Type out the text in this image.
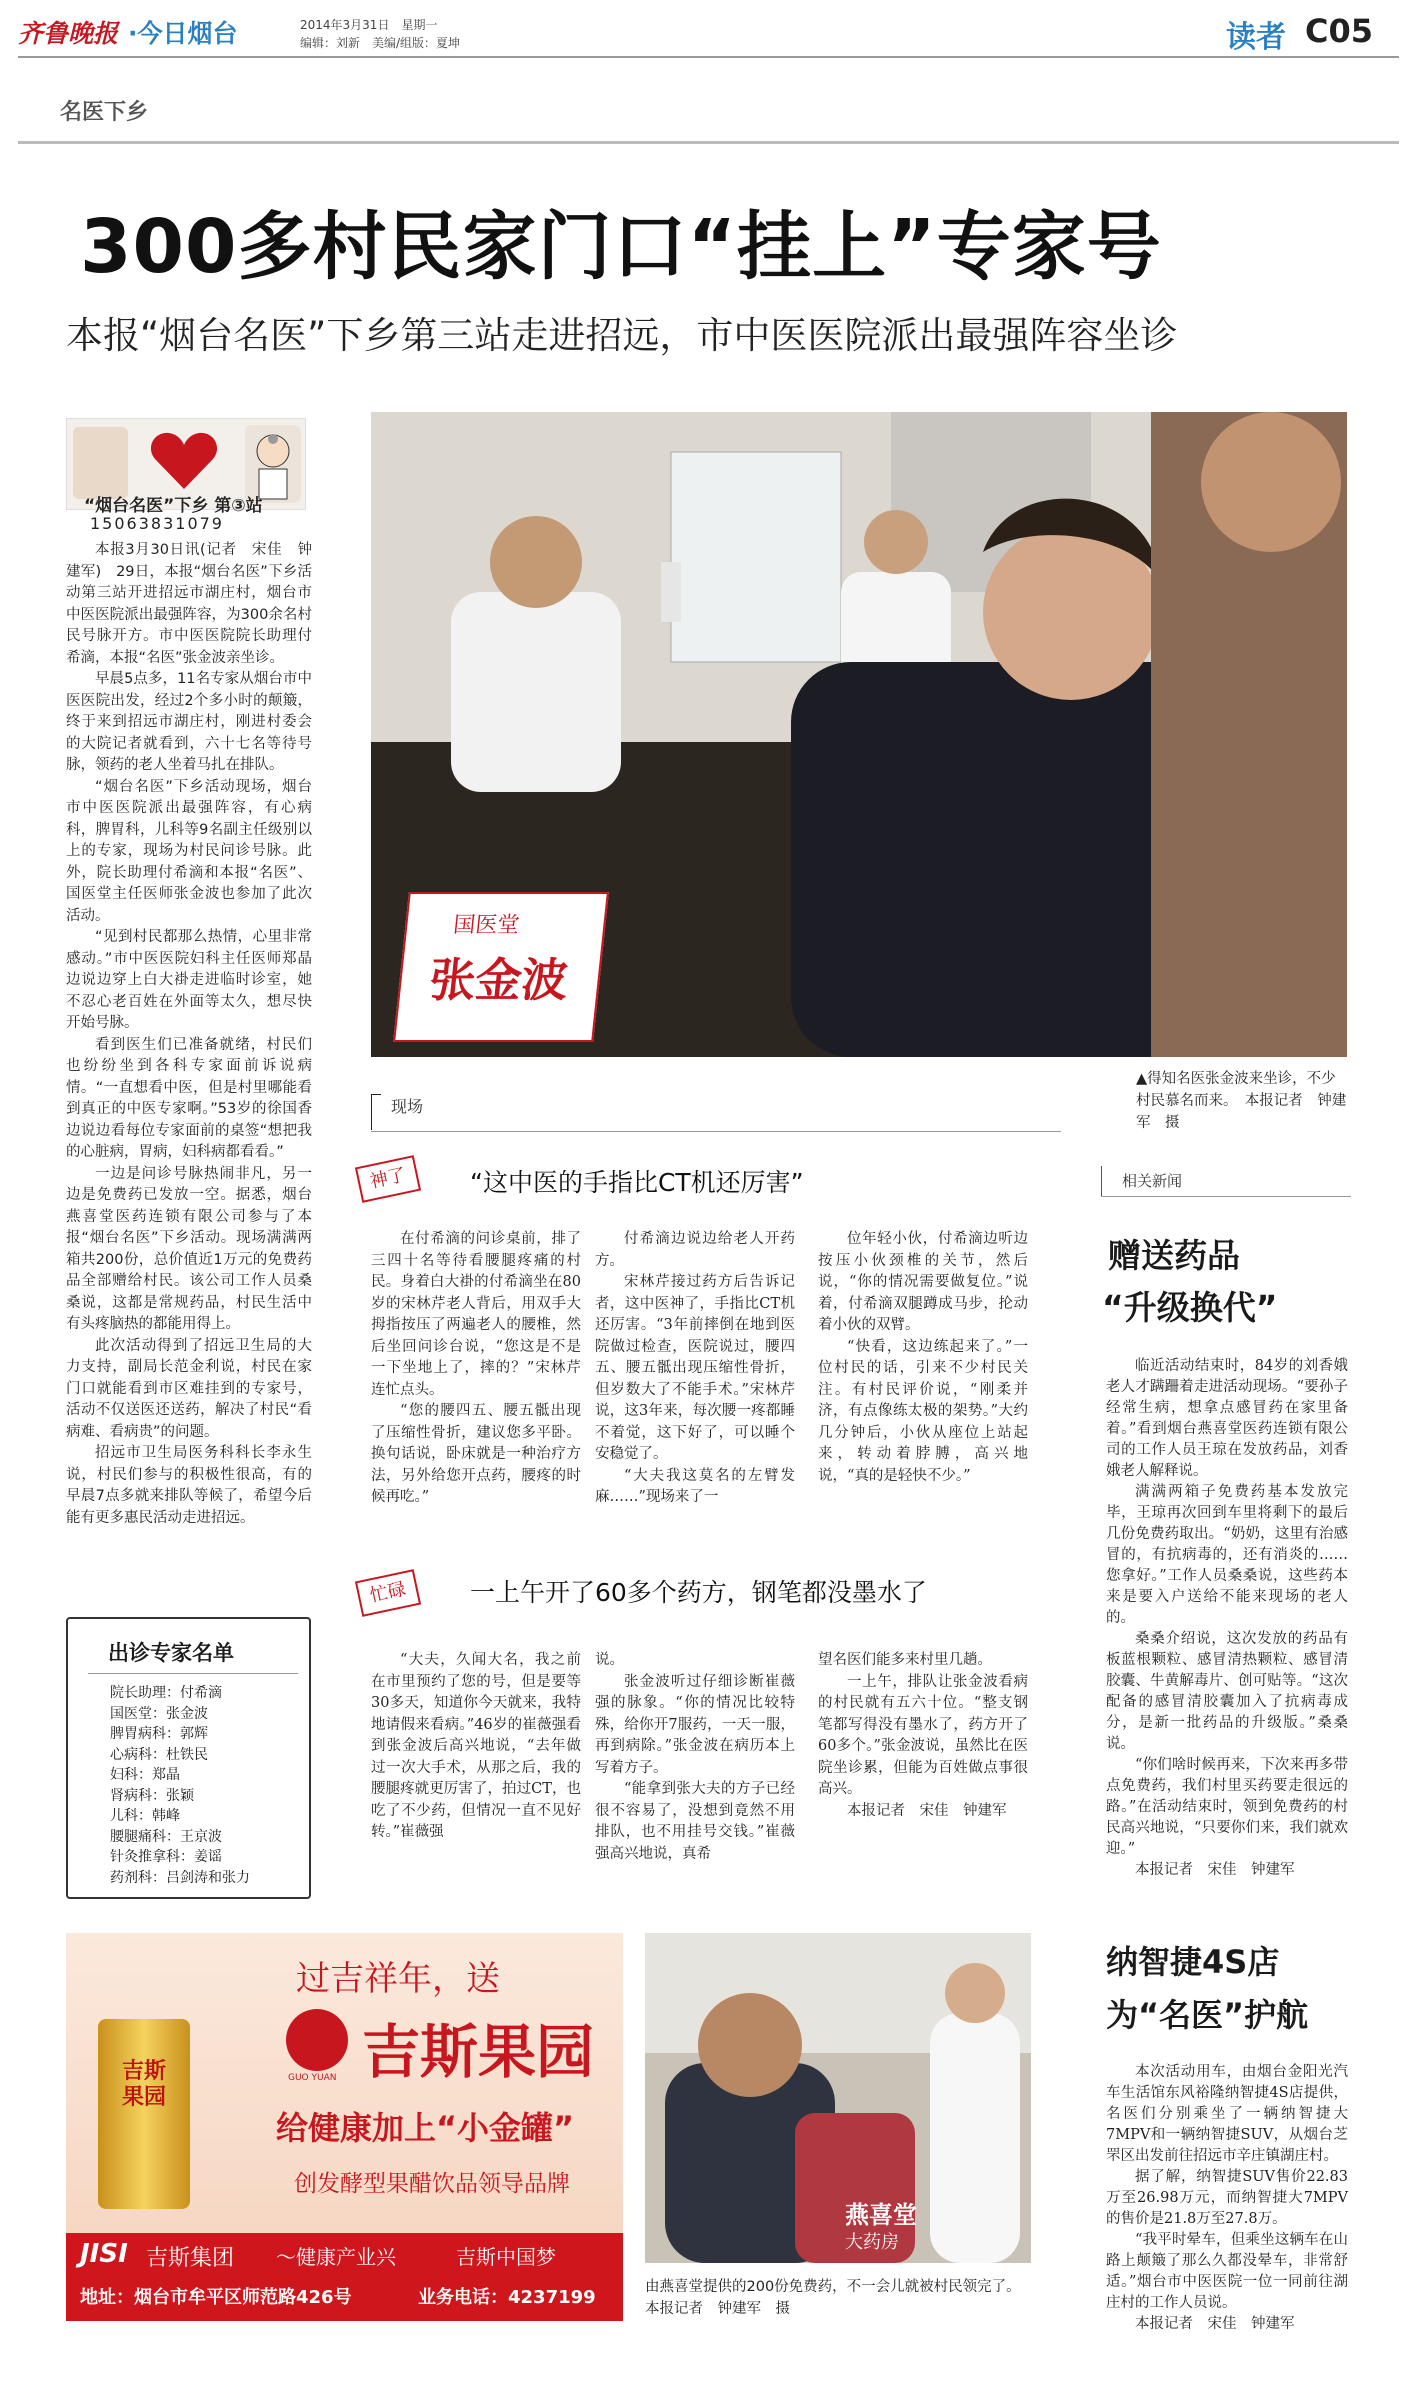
齐鲁晚报 ·今日烟台	2014年3月31日　星期一
编辑：刘新　美编/组版：夏坤	读者 C05
名医下乡
300多村民家门口“挂上”专家号
本报“烟台名医”下乡第三站走进招远，市中医医院派出最强阵容坐诊
“烟台名医”下乡 第③站
15063831079

本报3月30日讯(记者　宋佳　钟建军)　29日，本报“烟台名医”下乡活动第三站开进招远市湖庄村，烟台市中医医院派出最强阵容，为300余名村民号脉开方。市中医医院院长助理付希滴，本报“名医”张金波亲坐诊。

早晨5点多，11名专家从烟台市中医医院出发，经过2个多小时的颠簸，终于来到招远市湖庄村，刚进村委会的大院记者就看到，六十七名等待号脉，领药的老人坐着马扎在排队。

“烟台名医”下乡活动现场，烟台市中医医院派出最强阵容，有心病科，脾胃科，儿科等9名副主任级别以上的专家，现场为村民问诊号脉。此外，院长助理付希滴和本报“名医”、国医堂主任医师张金波也参加了此次活动。

“见到村民都那么热情，心里非常感动。”市中医医院妇科主任医师郑晶边说边穿上白大褂走进临时诊室，她不忍心老百姓在外面等太久，想尽快开始号脉。

看到医生们已准备就绪，村民们也纷纷坐到各科专家面前诉说病情。“一直想看中医，但是村里哪能看到真正的中医专家啊。”53岁的徐国香边说边看每位专家面前的桌签“想把我的心脏病，胃病，妇科病都看看。”

一边是问诊号脉热闹非凡，另一边是免费药已发放一空。据悉，烟台燕喜堂医药连锁有限公司参与了本报“烟台名医”下乡活动。现场满满两箱共200份，总价值近1万元的免费药品全部赠给村民。该公司工作人员桑桑说，这都是常规药品，村民生活中有头疼脑热的都能用得上。

此次活动得到了招远卫生局的大力支持，副局长范金利说，村民在家门口就能看到市区难挂到的专家号，活动不仅送医还送药，解决了村民“看病难、看病贵”的问题。

招远市卫生局医务科科长李永生说，村民们参与的积极性很高，有的早晨7点多就来排队等候了，希望今后能有更多惠民活动走进招远。

出诊专家名单
院长助理：付希滴
国医堂：张金波
脾胃病科：郭辉
心病科：杜铁民
妇科：郑晶
肾病科：张颖
儿科：韩峰
腰腿痛科：王京波
针灸推拿科：姜谣
药剂科：吕剑涛和张力
国医堂
张金波
▲得知名医张金波来坐诊，不少村民慕名而来。　本报记者　钟建军　摄
现场
神了	“这中医的手指比CT机还厉害”

在付希滴的问诊桌前，排了三四十名等待看腰腿疼痛的村民。身着白大褂的付希滴坐在80岁的宋林芹老人背后，用双手大拇指按压了两遍老人的腰椎，然后坐回问诊台说，“您这是不是一下坐地上了，摔的？”宋林芹连忙点头。

“您的腰四五、腰五骶出现了压缩性骨折，建议您多平卧。换句话说，卧床就是一种治疗方法，另外给您开点药，腰疼的时候再吃。”

付希滴边说边给老人开药方。

宋林芹接过药方后告诉记者，这中医神了，手指比CT机还厉害。“3年前摔倒在地到医院做过检查，医院说过，腰四五、腰五骶出现压缩性骨折，但岁数大了不能手术。”宋林芹说，这3年来，每次腰一疼都睡不着觉，这下好了，可以睡个安稳觉了。

“大夫我这莫名的左臂发麻……”现场来了一

位年轻小伙，付希滴边听边按压小伙颈椎的关节，然后说，“你的情况需要做复位。”说着，付希滴双腿蹲成马步，抡动着小伙的双臂。

“快看，这边练起来了。”一位村民的话，引来不少村民关注。有村民评价说，“刚柔并济，有点像练太极的架势。”大约几分钟后，小伙从座位上站起来，转动着脖膊，高兴地说，“真的是轻快不少。”

忙碌	一上午开了60多个药方，钢笔都没墨水了

“大夫，久闻大名，我之前在市里预约了您的号，但是要等30多天，知道你今天就来，我特地请假来看病。”46岁的崔薇强看到张金波后高兴地说，“去年做过一次大手术，从那之后，我的腰腿疼就更厉害了，拍过CT，也吃了不少药，但情况一直不见好转。”崔薇强

说。

张金波听过仔细诊断崔薇强的脉象。“你的情况比较特殊，给你开7服药，一天一服，再到病除。”张金波在病历本上写着方子。

“能拿到张大夫的方子已经很不容易了，没想到竟然不用排队，也不用挂号交钱。”崔薇强高兴地说，真希

望名医们能多来村里几趟。

一上午，排队让张金波看病的村民就有五六十位。“整支钢笔都写得没有墨水了，药方开了60多个。”张金波说，虽然比在医院坐诊累，但能为百姓做点事很高兴。

本报记者　宋佳　钟建军

相关新闻
赠送药品
“升级换代”

临近活动结束时，84岁的刘香娥老人才蹒跚着走进活动现场。“要孙子经常生病，想拿点感冒药在家里备着。”看到烟台燕喜堂医药连锁有限公司的工作人员王琼在发放药品，刘香娥老人解释说。

满满两箱子免费药基本发放完毕，王琼再次回到车里将剩下的最后几份免费药取出。“奶奶，这里有治感冒的，有抗病毒的，还有消炎的……您拿好。”工作人员桑桑说，这些药本来是要入户送给不能来现场的老人的。

桑桑介绍说，这次发放的药品有板蓝根颗粒、感冒清热颗粒、感冒清胶囊、牛黄解毒片、创可贴等。“这次配备的感冒清胶囊加入了抗病毒成分，是新一批药品的升级版。”桑桑说。

“你们啥时候再来，下次来再多带点免费药，我们村里买药要走很远的路。”在活动结束时，领到免费药的村民高兴地说，“只要你们来，我们就欢迎。”

本报记者　宋佳　钟建军

吉斯果园
过吉祥年，送
GUO YUAN 吉斯果园
给健康加上“小金罐”
创发酵型果醋饮品领导品牌
JISI 吉斯集团 ～健康产业兴	吉斯中国梦
地址：烟台市牟平区师范路426号	业务电话：4237199
燕喜堂
大药房
由燕喜堂提供的200份免费药，不一会儿就被村民领完了。　本报记者　钟建军　摄
纳智捷4S店
为“名医”护航

本次活动用车，由烟台金阳光汽车生活馆东风裕隆纳智捷4S店提供，名医们分别乘坐了一辆纳智捷大7MPV和一辆纳智捷SUV，从烟台芝罘区出发前往招远市辛庄镇湖庄村。

据了解，纳智捷SUV售价22.83万至26.98万元，而纳智捷大7MPV的售价是21.8万至27.8万。

“我平时晕车，但乘坐这辆车在山路上颠簸了那么久都没晕车，非常舒适。”烟台市中医医院一位一同前往湖庄村的工作人员说。

本报记者　宋佳　钟建军
